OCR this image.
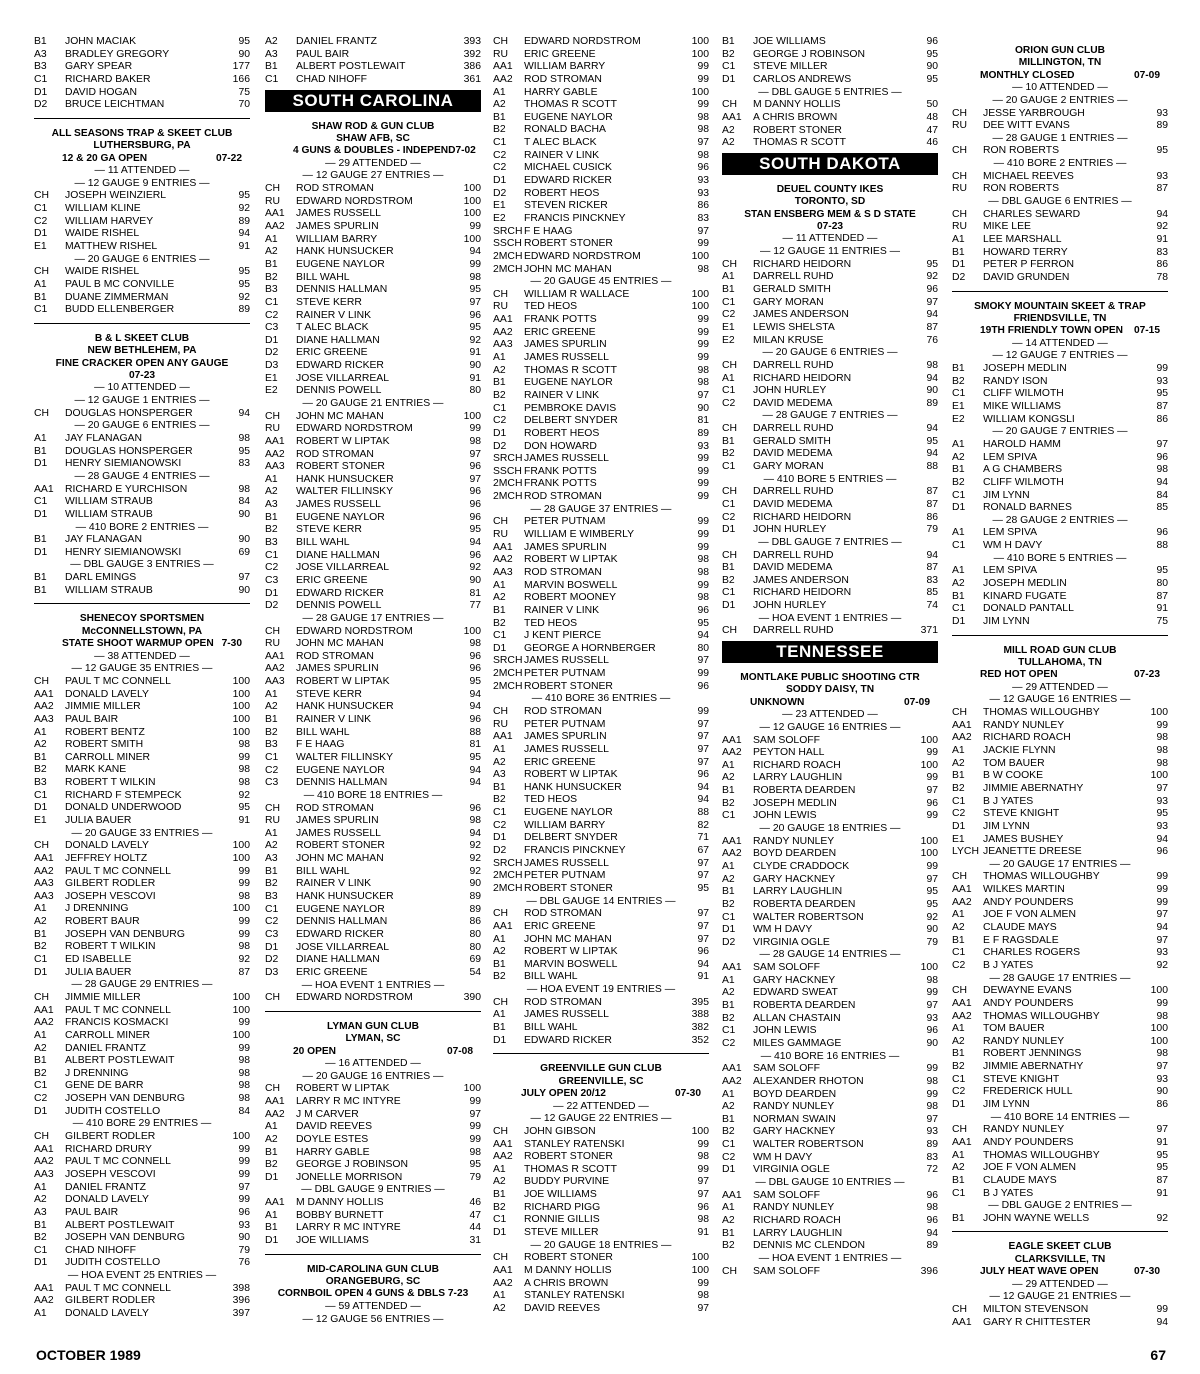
B1	JOHN MACIAK	95
A3	BRADLEY GREGORY	90
B3	GARY SPEAR	177
C1	RICHARD BAKER	166
D1	DAVID HOGAN	75
D2	BRUCE LEICHTMAN	70
ALL SEASONS TRAP & SKEET CLUB
LUTHERSBURG, PA
12 & 20 GA OPEN	07-22
— 11 ATTENDED —
— 12 GAUGE 9 ENTRIES —
CH	JOSEPH WEINZIERL	95
C1	WILLIAM KLINE	92
C2	WILLIAM HARVEY	89
D1	WAIDE RISHEL	94
E1	MATTHEW RISHEL	91
— 20 GAUGE 6 ENTRIES —
CH	WAIDE RISHEL	95
A1	PAUL B MC CONVILLE	95
B1	DUANE ZIMMERMAN	92
C1	BUDD ELLENBERGER	89
B & L SKEET CLUB
NEW BETHLEHEM, PA
FINE CRACKER OPEN ANY GAUGE
07-23
— 10 ATTENDED —
— 12 GAUGE 1 ENTRIES —
CH	DOUGLAS HONSPERGER	94
— 20 GAUGE 6 ENTRIES —
A1	JAY FLANAGAN	98
B1	DOUGLAS HONSPERGER	95
D1	HENRY SIEMIANOWSKI	83
— 28 GAUGE 4 ENTRIES —
AA1	RICHARD E YURCHISON	98
C1	WILLIAM STRAUB	84
D1	WILLIAM STRAUB	90
— 410 BORE 2 ENTRIES —
B1	JAY FLANAGAN	90
D1	HENRY SIEMIANOWSKI	69
— DBL GAUGE 3 ENTRIES —
B1	DARL EMINGS	97
B1	WILLIAM STRAUB	90
SHENECOY SPORTSMEN
McCONNELLSTOWN, PA
STATE SHOOT WARMUP OPEN 7-30
— 38 ATTENDED —
— 12 GAUGE 35 ENTRIES —
CH	PAUL T MC CONNELL	100
AA1	DONALD LAVELY	100
AA2	JIMMIE MILLER	100
AA3	PAUL BAIR	100
A1	ROBERT BENTZ	100
A2	ROBERT SMITH	98
B1	CARROLL MINER	99
B2	MARK KANE	98
B3	ROBERT T WILKIN	98
C1	RICHARD F STEMPECK	92
D1	DONALD UNDERWOOD	95
E1	JULIA BAUER	91
— 20 GAUGE 33 ENTRIES —
CH	DONALD LAVELY	100
AA1	JEFFREY HOLTZ	100
AA2	PAUL T MC CONNELL	99
AA3	GILBERT RODLER	99
AA3	JOSEPH VESCOVI	98
A1	J DRENNING	100
A2	ROBERT BAUR	99
B1	JOSEPH VAN DENBURG	99
B2	ROBERT T WILKIN	98
C1	ED ISABELLE	92
D1	JULIA BAUER	87
— 28 GAUGE 29 ENTRIES —
CH	JIMMIE MILLER	100
AA1	PAUL T MC CONNELL	100
AA2	FRANCIS KOSMACKI	99
A1	CARROLL MINER	100
A2	DANIEL FRANTZ	99
B1	ALBERT POSTLEWAIT	98
B2	J DRENNING	98
C1	GENE DE BARR	98
C2	JOSEPH VAN DENBURG	98
D1	JUDITH COSTELLO	84
— 410 BORE 29 ENTRIES —
CH	GILBERT RODLER	100
AA1	RICHARD DRURY	99
AA2	PAUL T MC CONNELL	99
AA3	JOSEPH VESCOVI	99
A1	DANIEL FRANTZ	97
A2	DONALD LAVELY	99
A3	PAUL BAIR	96
B1	ALBERT POSTLEWAIT	93
B2	JOSEPH VAN DENBURG	90
C1	CHAD NIHOFF	79
D1	JUDITH COSTELLO	76
— HOA EVENT 25 ENTRIES —
AA1	PAUL T MC CONNELL	398
AA2	GILBERT RODLER	396
A1	DONALD LAVELY	397
A2	DANIEL FRANTZ	393
A3	PAUL BAIR	392
B1	ALBERT POSTLEWAIT	386
C1	CHAD NIHOFF	361
SOUTH CAROLINA
SHAW ROD & GUN CLUB
SHAW AFB, SC
4 GUNS & DOUBLES - INDEPEND 7-02
— 29 ATTENDED —
— 12 GAUGE 27 ENTRIES —
CH	ROD STROMAN	100
RU	EDWARD NORDSTROM	100
AA1	JAMES RUSSELL	100
AA2	JAMES SPURLIN	99
A1	WILLIAM BARRY	100
A2	HANK HUNSUCKER	94
B1	EUGENE NAYLOR	99
B2	BILL WAHL	98
B3	DENNIS HALLMAN	95
C1	STEVE KERR	97
C2	RAINER V LINK	96
C3	T ALEC BLACK	95
D1	DIANE HALLMAN	92
D2	ERIC GREENE	91
D3	EDWARD RICKER	90
E1	JOSE VILLARREAL	91
E2	DENNIS POWELL	80
— 20 GAUGE 21 ENTRIES —
CH	JOHN MC MAHAN	100
RU	EDWARD NORDSTROM	99
AA1	ROBERT W LIPTAK	98
AA2	ROD STROMAN	97
AA3	ROBERT STONER	96
A1	HANK HUNSUCKER	97
A2	WALTER FILLINSKY	96
A3	JAMES RUSSELL	96
B1	EUGENE NAYLOR	96
B2	STEVE KERR	95
B3	BILL WAHL	94
C1	DIANE HALLMAN	96
C2	JOSE VILLARREAL	92
C3	ERIC GREENE	90
D1	EDWARD RICKER	81
D2	DENNIS POWELL	77
— 28 GAUGE 17 ENTRIES —
CH	EDWARD NORDSTROM	100
RU	JOHN MC MAHAN	98
AA1	ROD STROMAN	96
AA2	JAMES SPURLIN	96
AA3	ROBERT W LIPTAK	95
A1	STEVE KERR	94
A2	HANK HUNSUCKER	94
B1	RAINER V LINK	96
B2	BILL WAHL	88
B3	F E HAAG	81
C1	WALTER FILLINSKY	95
C2	EUGENE NAYLOR	94
C3	DENNIS HALLMAN	94
— 410 BORE 18 ENTRIES —
CH	ROD STROMAN	96
RU	JAMES SPURLIN	98
A1	JAMES RUSSELL	94
A2	ROBERT STONER	92
A3	JOHN MC MAHAN	92
B1	BILL WAHL	92
B2	RAINER V LINK	90
B3	HANK HUNSUCKER	89
C1	EUGENE NAYLOR	89
C2	DENNIS HALLMAN	86
C3	EDWARD RICKER	80
D1	JOSE VILLARREAL	80
D2	DIANE HALLMAN	69
D3	ERIC GREENE	54
— HOA EVENT 1 ENTRIES —
CH	EDWARD NORDSTROM	390
LYMAN GUN CLUB
LYMAN, SC
20 OPEN	07-08
— 16 ATTENDED —
— 20 GAUGE 16 ENTRIES —
CH	ROBERT W LIPTAK	100
AA1	LARRY R MC INTYRE	99
AA2	J M CARVER	97
A1	DAVID REEVES	99
A2	DOYLE ESTES	99
B1	HARRY GABLE	98
B2	GEORGE J ROBINSON	95
D1	JONELLE MORRISON	79
— DBL GAUGE 9 ENTRIES —
AA1	M DANNY HOLLIS	46
A1	BOBBY BURNETT	47
B1	LARRY R MC INTYRE	44
D1	JOE WILLIAMS	31
MID-CAROLINA GUN CLUB
ORANGEBURG, SC
CORNBOIL OPEN 4 GUNS & DBLS 7-23
— 59 ATTENDED —
— 12 GAUGE 56 ENTRIES —
CH	EDWARD NORDSTROM	100
RU	ERIC GREENE	100
AA1	WILLIAM BARRY	99
AA2	ROD STROMAN	99
A1	HARRY GABLE	100
A2	THOMAS R SCOTT	99
B1	EUGENE NAYLOR	98
B2	RONALD BACHA	98
C1	T ALEC BLACK	97
C2	RAINER V LINK	98
C2	MICHAEL CUSICK	96
D1	EDWARD RICKER	93
D2	ROBERT HEOS	93
E1	STEVEN RICKER	86
E2	FRANCIS PINCKNEY	83
SRCH F E HAAG	97
SSCH ROBERT STONER	99
2MCH EDWARD NORDSTROM	100
2MCH JOHN MC MAHAN	98
— 20 GAUGE 45 ENTRIES —
CH	WILLIAM R WALLACE	100
RU	TED HEOS	100
AA1	FRANK POTTS	99
AA2	ERIC GREENE	99
AA3	JAMES SPURLIN	99
A1	JAMES RUSSELL	99
A2	THOMAS R SCOTT	98
B1	EUGENE NAYLOR	98
B2	RAINER V LINK	97
C1	PEMBROKE DAVIS	90
C2	DELBERT SNYDER	81
D1	ROBERT HEOS	89
D2	DON HOWARD	93
SRCH JAMES RUSSELL	99
SSCH FRANK POTTS	99
2MCH FRANK POTTS	99
2MCH ROD STROMAN	99
— 28 GAUGE 37 ENTRIES —
CH	PETER PUTNAM	99
RU	WILLIAM E WIMBERLY	99
AA1	JAMES SPURLIN	99
AA2	ROBERT W LIPTAK	98
AA3	ROD STROMAN	98
A1	MARVIN BOSWELL	99
A2	ROBERT MOONEY	98
B1	RAINER V LINK	96
B2	TED HEOS	95
C1	J KENT PIERCE	94
D1	GEORGE A HORNBERGER	80
SRCH JAMES RUSSELL	97
2MCH PETER PUTNAM	99
2MCH ROBERT STONER	96
— 410 BORE 36 ENTRIES —
CH	ROD STROMAN	99
RU	PETER PUTNAM	97
AA1	JAMES SPURLIN	97
A1	JAMES RUSSELL	97
A2	ERIC GREENE	97
A3	ROBERT W LIPTAK	96
B1	HANK HUNSUCKER	94
B2	TED HEOS	94
C1	EUGENE NAYLOR	88
C2	WILLIAM BARRY	82
D1	DELBERT SNYDER	71
D2	FRANCIS PINCKNEY	67
SRCH JAMES RUSSELL	97
2MCH PETER PUTNAM	97
2MCH ROBERT STONER	95
— DBL GAUGE 14 ENTRIES —
CH	ROD STROMAN	97
AA1	ERIC GREENE	97
A1	JOHN MC MAHAN	97
A2	ROBERT W LIPTAK	96
B1	MARVIN BOSWELL	94
B2	BILL WAHL	91
— HOA EVENT 19 ENTRIES —
CH	ROD STROMAN	395
A1	JAMES RUSSELL	388
B1	BILL WAHL	382
D1	EDWARD RICKER	352
GREENVILLE GUN CLUB
GREENVILLE, SC
JULY OPEN 20/12	07-30
— 22 ATTENDED —
— 12 GAUGE 22 ENTRIES —
CH	JOHN GIBSON	100
AA1	STANLEY RATENSKI	99
AA2	ROBERT STONER	98
A1	THOMAS R SCOTT	99
A2	BUDDY PURVINE	97
B1	JOE WILLIAMS	97
B2	RICHARD PIGG	96
C1	RONNIE GILLIS	98
D1	STEVE MILLER	91
— 20 GAUGE 18 ENTRIES —
CH	ROBERT STONER	100
AA1	M DANNY HOLLIS	100
AA2	A CHRIS BROWN	99
A1	STANLEY RATENSKI	98
A2	DAVID REEVES	97
B1	JOE WILLIAMS	96
B2	GEORGE J ROBINSON	95
C1	STEVE MILLER	90
D1	CARLOS ANDREWS	95
— DBL GAUGE 5 ENTRIES —
CH	M DANNY HOLLIS	50
AA1	A CHRIS BROWN	48
A2	ROBERT STONER	47
A2	THOMAS R SCOTT	46
SOUTH DAKOTA
DEUEL COUNTY IKES
TORONTO, SD
STAN ENSBERG MEM & S D STATE
07-23
— 11 ATTENDED —
— 12 GAUGE 11 ENTRIES —
CH	RICHARD HEIDORN	95
A1	DARRELL RUHD	92
B1	GERALD SMITH	96
C1	GARY MORAN	97
C2	JAMES ANDERSON	94
E1	LEWIS SHELSTA	87
E2	MILAN KRUSE	76
— 20 GAUGE 6 ENTRIES —
CH	DARRELL RUHD	98
A1	RICHARD HEIDORN	94
C1	JOHN HURLEY	90
C2	DAVID MEDEMA	89
— 28 GAUGE 7 ENTRIES —
CH	DARRELL RUHD	94
B1	GERALD SMITH	95
B2	DAVID MEDEMA	94
C1	GARY MORAN	88
— 410 BORE 5 ENTRIES —
CH	DARRELL RUHD	87
C1	DAVID MEDEMA	87
C2	RICHARD HEIDORN	86
D1	JOHN HURLEY	79
— DBL GAUGE 7 ENTRIES —
CH	DARRELL RUHD	94
B1	DAVID MEDEMA	87
B2	JAMES ANDERSON	83
C1	RICHARD HEIDORN	85
D1	JOHN HURLEY	74
— HOA EVENT 1 ENTRIES —
CH	DARRELL RUHD	371
TENNESSEE
MONTLAKE PUBLIC SHOOTING CTR
SODDY DAISY, TN
UNKNOWN	07-09
— 23 ATTENDED —
— 12 GAUGE 16 ENTRIES —
AA1	SAM SOLOFF	100
AA2	PEYTON HALL	99
A1	RICHARD ROACH	100
A2	LARRY LAUGHLIN	99
B1	ROBERTA DEARDEN	97
B2	JOSEPH MEDLIN	96
C1	JOHN LEWIS	99
— 20 GAUGE 18 ENTRIES —
AA1	RANDY NUNLEY	100
AA2	BOYD DEARDEN	100
A1	CLYDE CRADDOCK	99
A2	GARY HACKNEY	97
B1	LARRY LAUGHLIN	95
B2	ROBERTA DEARDEN	95
C1	WALTER ROBERTSON	92
D1	WM H DAVY	90
D2	VIRGINIA OGLE	79
— 28 GAUGE 14 ENTRIES —
AA1	SAM SOLOFF	100
A1	GARY HACKNEY	98
A2	EDWARD SWEAT	99
B1	ROBERTA DEARDEN	97
B2	ALLAN CHASTAIN	93
C1	JOHN LEWIS	96
C2	MILES GAMMAGE	90
— 410 BORE 16 ENTRIES —
AA1	SAM SOLOFF	99
AA2	ALEXANDER RHOTON	98
A1	BOYD DEARDEN	99
A2	RANDY NUNLEY	98
B1	NORMAN SWAIN	97
B2	GARY HACKNEY	93
C1	WALTER ROBERTSON	89
C2	WM H DAVY	83
D1	VIRGINIA OGLE	72
— DBL GAUGE 10 ENTRIES —
AA1	SAM SOLOFF	96
A1	RANDY NUNLEY	98
A2	RICHARD ROACH	96
B1	LARRY LAUGHLIN	94
B2	DENNIS MC CLENDON	89
— HOA EVENT 1 ENTRIES —
CH	SAM SOLOFF	396
ORION GUN CLUB
MILLINGTON, TN
MONTHLY CLOSED	07-09
— 10 ATTENDED —
— 20 GAUGE 2 ENTRIES —
CH	JESSE YARBROUGH	93
RU	DEE WITT EVANS	89
— 28 GAUGE 1 ENTRIES —
CH	RON ROBERTS	95
— 410 BORE 2 ENTRIES —
CH	MICHAEL REEVES	93
RU	RON ROBERTS	87
— DBL GAUGE 6 ENTRIES —
CH	CHARLES SEWARD	94
RU	MIKE LEE	92
A1	LEE MARSHALL	91
B1	HOWARD TERRY	83
D1	PETER P FERRON	86
D2	DAVID GRUNDEN	78
SMOKY MOUNTAIN SKEET & TRAP
FRIENDSVILLE, TN
19TH FRIENDLY TOWN OPEN 07-15
— 14 ATTENDED —
— 12 GAUGE 7 ENTRIES —
B1	JOSEPH MEDLIN	99
B2	RANDY ISON	93
C1	CLIFF WILMOTH	95
E1	MIKE WILLIAMS	87
E2	WILLIAM KONGSLI	86
— 20 GAUGE 7 ENTRIES —
A1	HAROLD HAMM	97
A2	LEM SPIVA	96
B1	A G CHAMBERS	98
B2	CLIFF WILMOTH	94
C1	JIM LYNN	84
D1	RONALD BARNES	85
— 28 GAUGE 2 ENTRIES —
A1	LEM SPIVA	96
C1	WM H DAVY	88
— 410 BORE 5 ENTRIES —
A1	LEM SPIVA	95
A2	JOSEPH MEDLIN	80
B1	KINARD FUGATE	87
C1	DONALD PANTALL	91
D1	JIM LYNN	75
MILL ROAD GUN CLUB
TULLAHOMA, TN
RED HOT OPEN	07-23
— 29 ATTENDED —
— 12 GAUGE 16 ENTRIES —
CH	THOMAS WILLOUGHBY	100
AA1	RANDY NUNLEY	99
AA2	RICHARD ROACH	98
A1	JACKIE FLYNN	98
A2	TOM BAUER	98
B1	B W COOKE	100
B2	JIMMIE ABERNATHY	97
C1	B J YATES	93
C2	STEVE KNIGHT	95
D1	JIM LYNN	93
E1	JAMES BUSHEY	94
LYCH JEANETTE DREESE	96
— 20 GAUGE 17 ENTRIES —
CH	THOMAS WILLOUGHBY	99
AA1	WILKES MARTIN	99
AA2	ANDY POUNDERS	99
A1	JOE F VON ALMEN	97
A2	CLAUDE MAYS	94
B1	E F RAGSDALE	97
C1	CHARLES ROGERS	93
C2	B J YATES	92
— 28 GAUGE 17 ENTRIES —
CH	DEWAYNE EVANS	100
AA1	ANDY POUNDERS	99
AA2	THOMAS WILLOUGHBY	98
A1	TOM BAUER	100
A2	RANDY NUNLEY	100
B1	ROBERT JENNINGS	98
B2	JIMMIE ABERNATHY	97
C1	STEVE KNIGHT	93
C2	FREDERICK HULL	90
D1	JIM LYNN	86
— 410 BORE 14 ENTRIES —
CH	RANDY NUNLEY	97
AA1	ANDY POUNDERS	91
A1	THOMAS WILLOUGHBY	95
A2	JOE F VON ALMEN	95
B1	CLAUDE MAYS	87
C1	B J YATES	91
— DBL GAUGE 2 ENTRIES —
B1	JOHN WAYNE WELLS	92
EAGLE SKEET CLUB
CLARKSVILLE, TN
JULY HEAT WAVE OPEN	07-30
— 29 ATTENDED —
— 12 GAUGE 21 ENTRIES —
CH	MILTON STEVENSON	99
AA1	GARY R CHITTESTER	94
OCTOBER 1989	67
